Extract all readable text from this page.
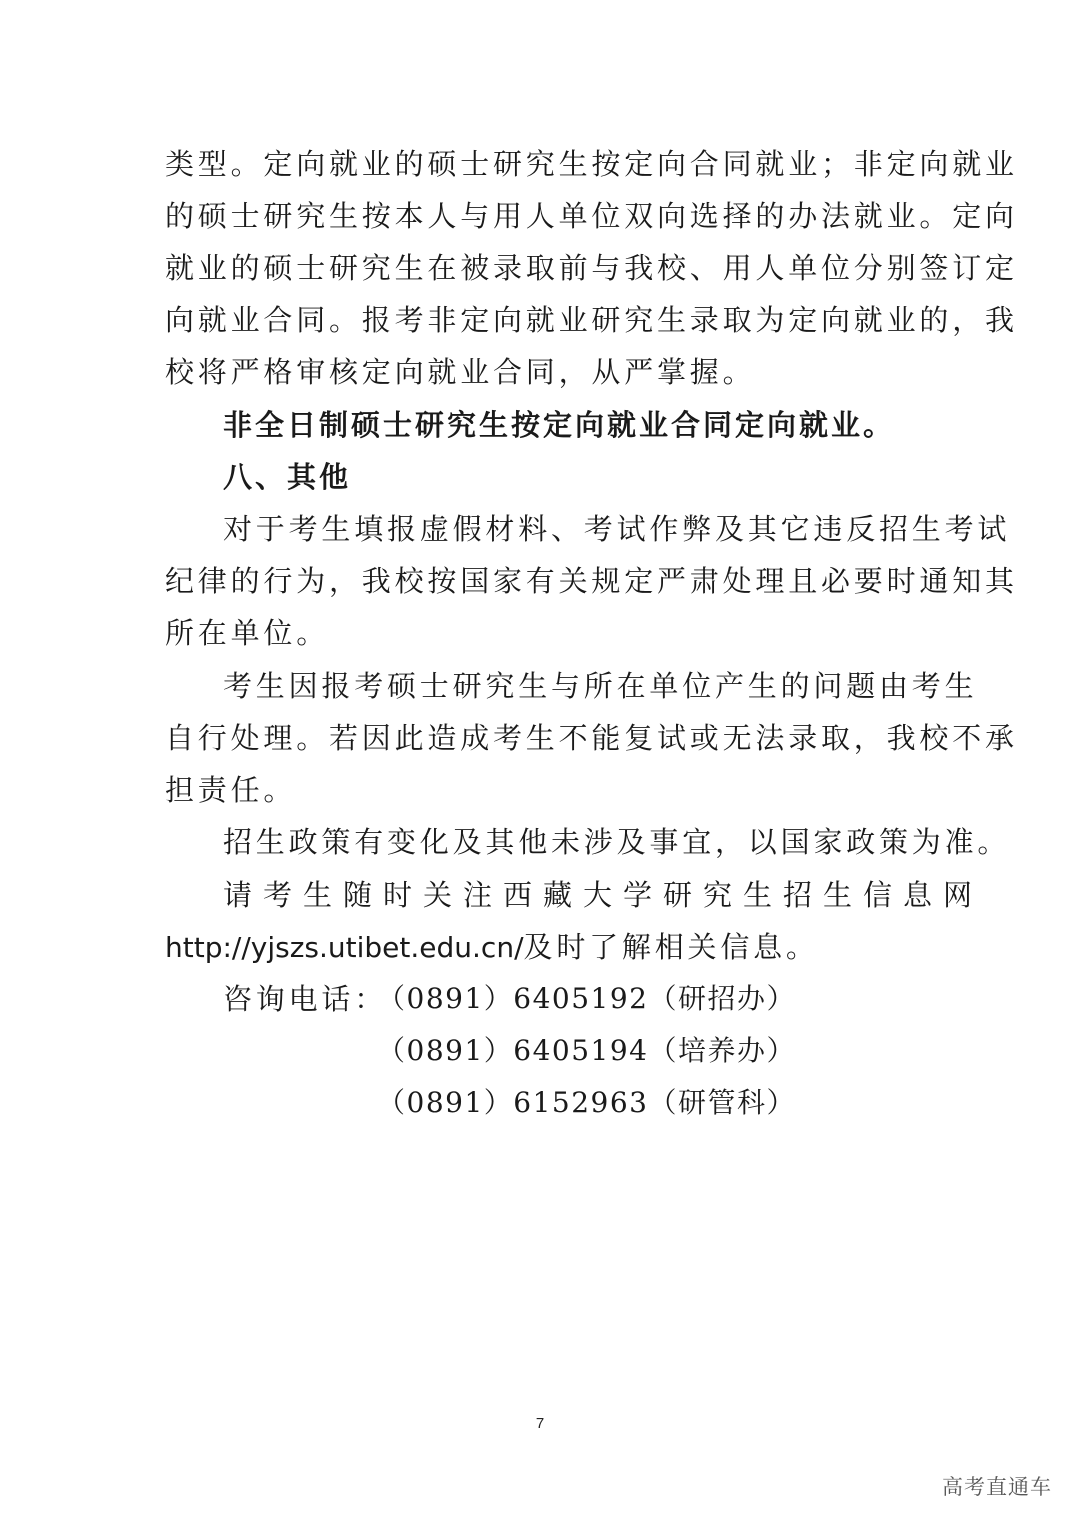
类型。定向就业的硕士研究生按定向合同就业；非定向就业
的硕士研究生按本人与用人单位双向选择的办法就业。定向
就业的硕士研究生在被录取前与我校、用人单位分别签订定
向就业合同。报考非定向就业研究生录取为定向就业的，我
校将严格审核定向就业合同，从严掌握。
非全日制硕士研究生按定向就业合同定向就业。
八、其他
对于考生填报虚假材料、考试作弊及其它违反招生考试
纪律的行为，我校按国家有关规定严肃处理且必要时通知其
所在单位。
考生因报考硕士研究生与所在单位产生的问题由考生
自行处理。若因此造成考生不能复试或无法录取，我校不承
担责任。
招生政策有变化及其他未涉及事宜，以国家政策为准。
请考生随时关注西藏大学研究生招生信息网
http://yjszs.utibet.edu.cn/及时了解相关信息。
咨询电话：
（0891）6405192（研招办）
（0891）6405194（培养办）
（0891）6152963（研管科）
7
高考直通车
